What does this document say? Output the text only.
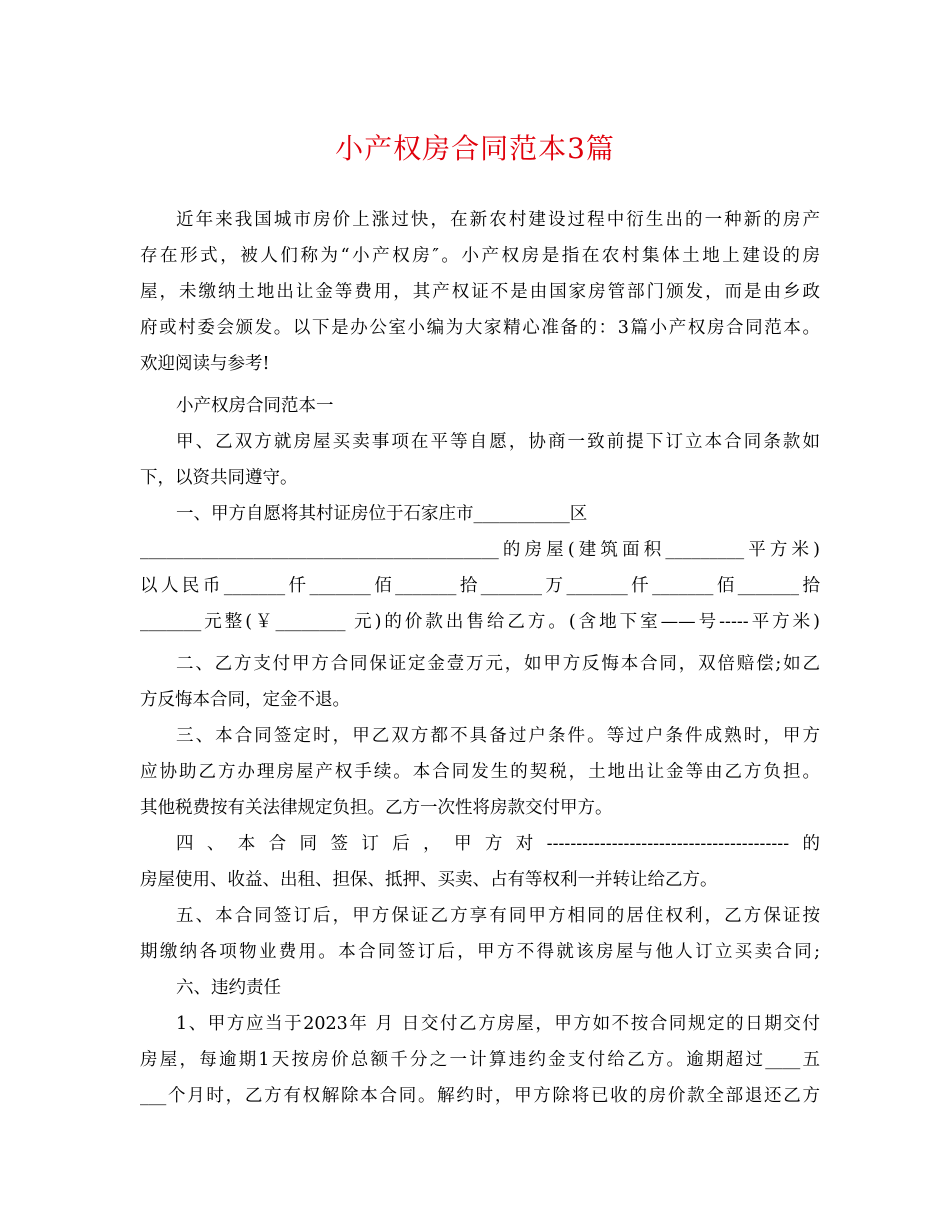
小产权房合同范本3篇
近年来我国城市房价上涨过快，在新农村建设过程中衍生出的一种新的房产
存在形式，被人们称为“小产权房″。小产权房是指在农村集体土地上建设的房
屋，未缴纳土地出让金等费用，其产权证不是由国家房管部门颁发，而是由乡政
府或村委会颁发。以下是办公室小编为大家精心准备的：3篇小产权房合同范本。
欢迎阅读与参考!
小产权房合同范本一
甲、乙双方就房屋买卖事项在平等自愿，协商一致前提下订立本合同条款如
下，以资共同遵守。
一、甲方自愿将其村证房位于石家庄市___________区
_________________________________________的房屋(建筑面积_________平方米)
以人民币_______仟_______佰_______拾_______万_______仟_______佰_______拾
_______元整(￥________ 元)的价款出售给乙方。(含地下室——号-----平方米)
二、乙方支付甲方合同保证定金壹万元，如甲方反悔本合同，双倍赔偿;如乙
方反悔本合同，定金不退。
三、本合同签定时，甲乙双方都不具备过户条件。等过户条件成熟时，甲方
应协助乙方办理房屋产权手续。本合同发生的契税，土地出让金等由乙方负担。
其他税费按有关法律规定负担。乙方一次性将房款交付甲方。
四、本合同签订后，甲方对-----------------------------------------的
房屋使用、收益、出租、担保、抵押、买卖、占有等权利一并转让给乙方。
五、本合同签订后，甲方保证乙方享有同甲方相同的居住权利，乙方保证按
期缴纳各项物业费用。本合同签订后，甲方不得就该房屋与他人订立买卖合同;
六、违约责任
1、甲方应当于2023年 月 日交付乙方房屋，甲方如不按合同规定的日期交付
房屋，每逾期1天按房价总额千分之一计算违约金支付给乙方。逾期超过____五
___个月时，乙方有权解除本合同。解约时，甲方除将已收的房价款全部退还乙方
